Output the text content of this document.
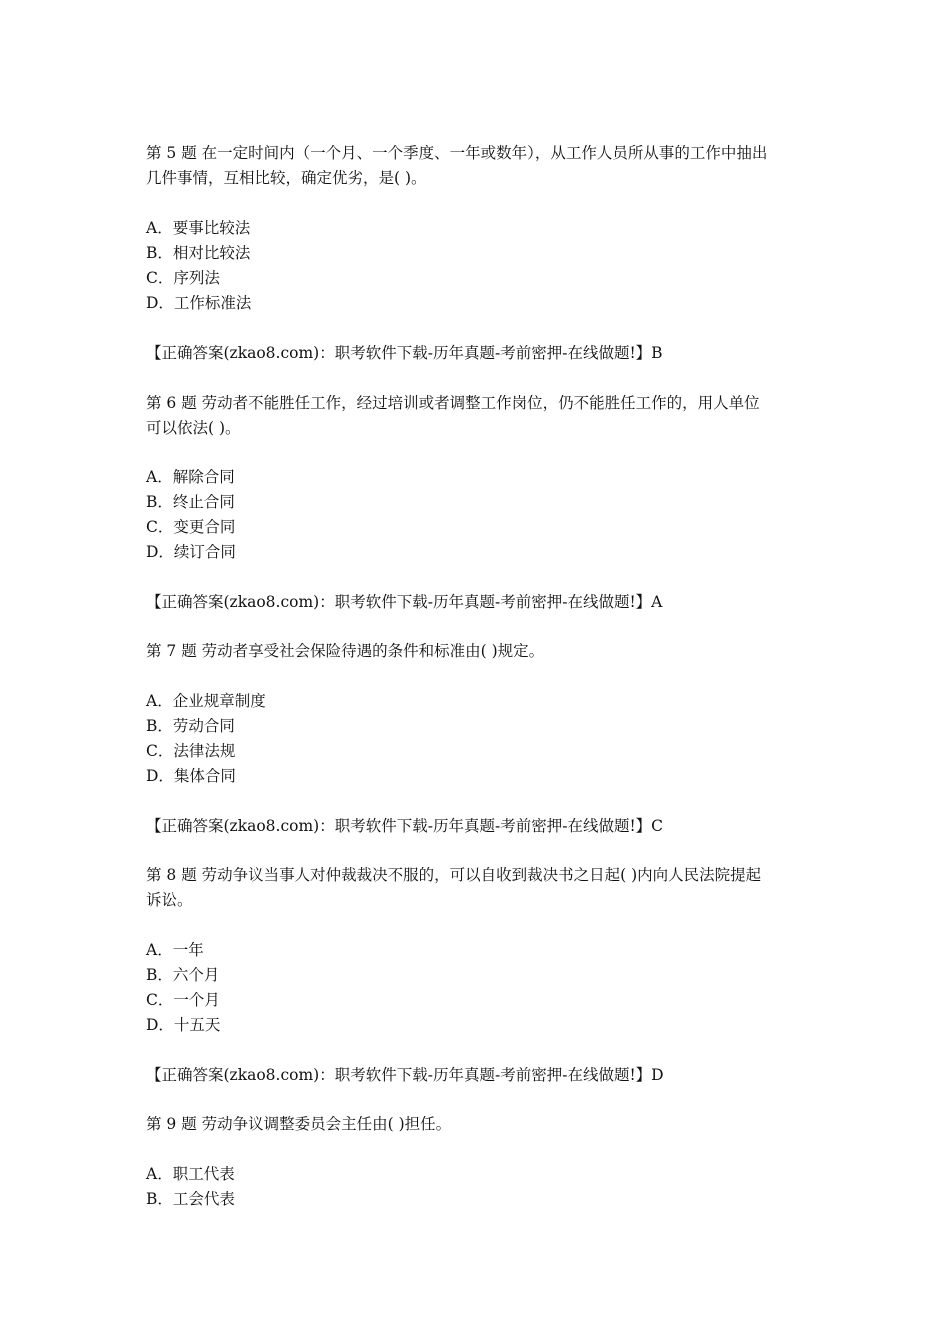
第 5 题 在一定时间内（一个月、一个季度、一年或数年），从工作人员所从事的工作中抽出
几件事情，互相比较，确定优劣，是( )。
A．要事比较法
B．相对比较法
C．序列法
D．工作标准法
【正确答案(zkao8.com)：职考软件下载-历年真题-考前密押-在线做题!】B
第 6 题 劳动者不能胜任工作，经过培训或者调整工作岗位，仍不能胜任工作的，用人单位
可以依法( )。
A．解除合同
B．终止合同
C．变更合同
D．续订合同
【正确答案(zkao8.com)：职考软件下载-历年真题-考前密押-在线做题!】A
第 7 题 劳动者享受社会保险待遇的条件和标准由( )规定。
A．企业规章制度
B．劳动合同
C．法律法规
D．集体合同
【正确答案(zkao8.com)：职考软件下载-历年真题-考前密押-在线做题!】C
第 8 题 劳动争议当事人对仲裁裁决不服的，可以自收到裁决书之日起( )内向人民法院提起
诉讼。
A．一年
B．六个月
C．一个月
D．十五天
【正确答案(zkao8.com)：职考软件下载-历年真题-考前密押-在线做题!】D
第 9 题 劳动争议调整委员会主任由( )担任。
A．职工代表
B．工会代表
